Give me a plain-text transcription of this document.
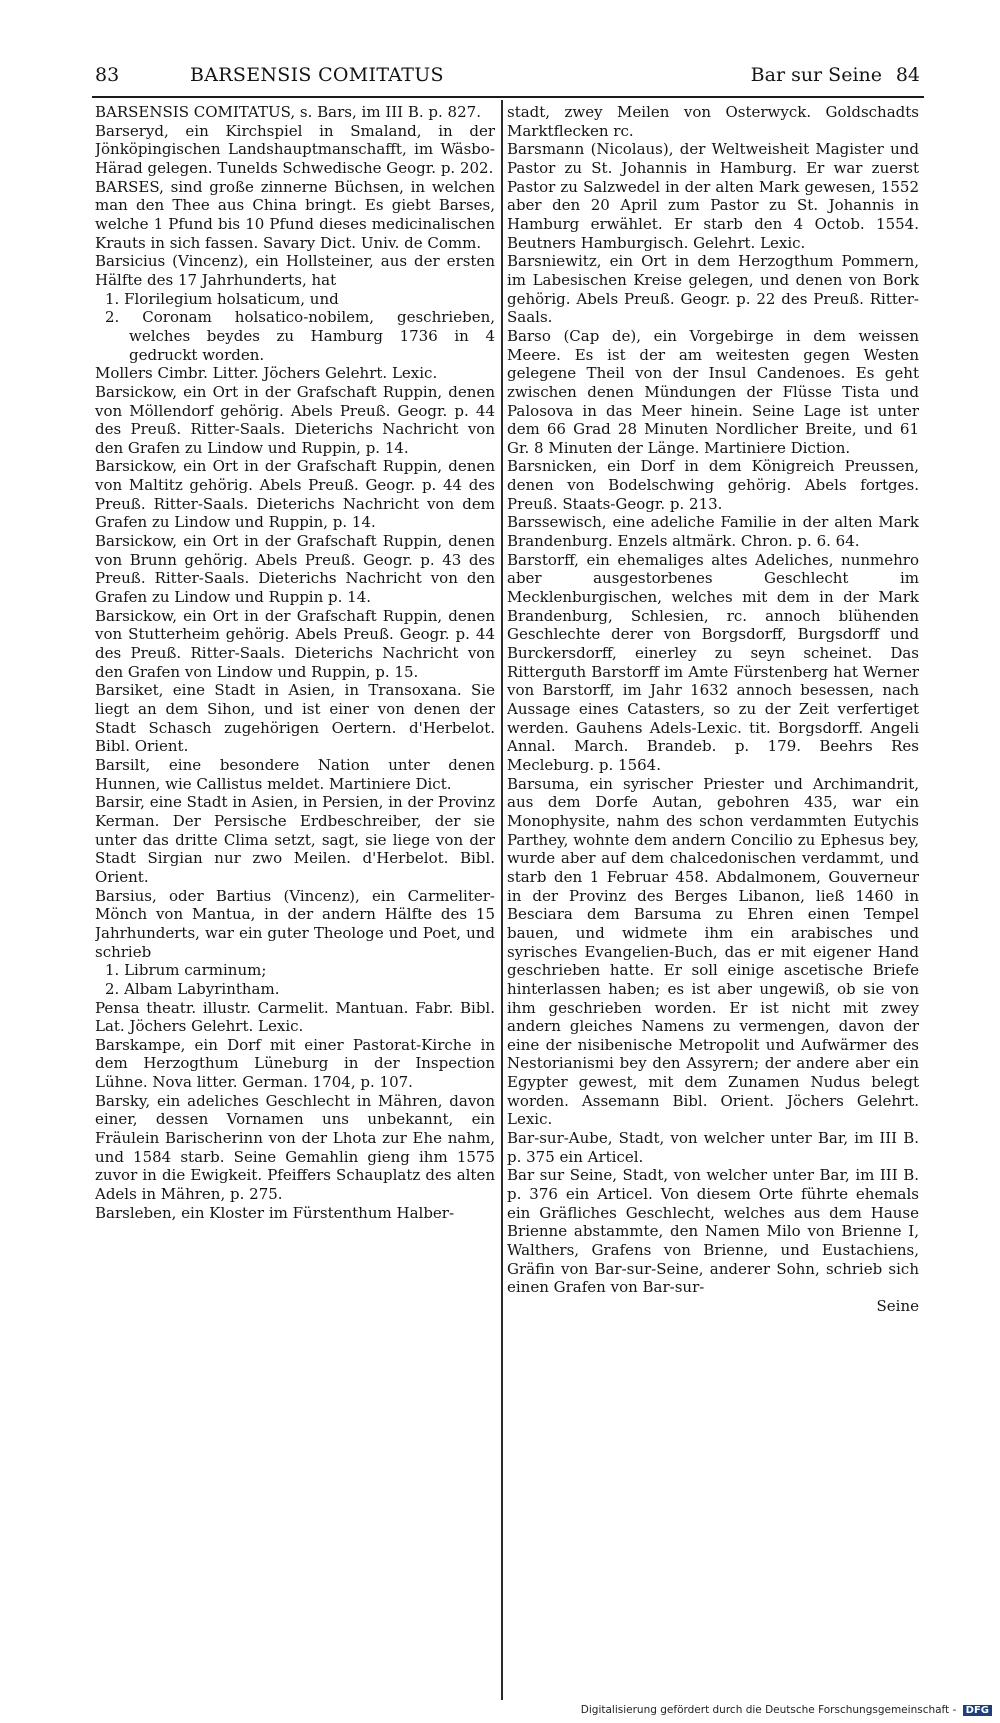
83	BARSENSIS COMITATUS	Bar sur Seine 84

BARSENSIS COMITATUS, s. Bars, im III B. p. 827.

Barseryd, ein Kirchspiel in Smaland, in der Jönköpingischen Landshauptmanschafft, im Wäsbo-Härad gelegen. Tunelds Schwedische Geogr. p. 202.

BARSES, sind große zinnerne Büchsen, in welchen man den Thee aus China bringt. Es giebt Barses, welche 1 Pfund bis 10 Pfund dieses medicinalischen Krauts in sich fassen. Savary Dict. Univ. de Comm.

Barsicius (Vincenz), ein Hollsteiner, aus der ersten Hälfte des 17 Jahrhunderts, hat

1. Florilegium holsaticum, und

2. Coronam holsatico-nobilem, geschrieben, welches beydes zu Hamburg 1736 in 4 gedruckt worden.

Mollers Cimbr. Litter. Jöchers Gelehrt. Lexic.

Barsickow, ein Ort in der Grafschaft Ruppin, denen von Möllendorf gehörig. Abels Preuß. Geogr. p. 44 des Preuß. Ritter-Saals. Dieterichs Nachricht von den Grafen zu Lindow und Ruppin, p. 14.

Barsickow, ein Ort in der Grafschaft Ruppin, denen von Maltitz gehörig. Abels Preuß. Geogr. p. 44 des Preuß. Ritter-Saals. Dieterichs Nachricht von dem Grafen zu Lindow und Ruppin, p. 14.

Barsickow, ein Ort in der Grafschaft Ruppin, denen von Brunn gehörig. Abels Preuß. Geogr. p. 43 des Preuß. Ritter-Saals. Dieterichs Nachricht von den Grafen zu Lindow und Ruppin p. 14.

Barsickow, ein Ort in der Grafschaft Ruppin, denen von Stutterheim gehörig. Abels Preuß. Geogr. p. 44 des Preuß. Ritter-Saals. Dieterichs Nachricht von den Grafen von Lindow und Ruppin, p. 15.

Barsiket, eine Stadt in Asien, in Transoxana. Sie liegt an dem Sihon, und ist einer von denen der Stadt Schasch zugehörigen Oertern. d'Herbelot. Bibl. Orient.

Barsilt, eine besondere Nation unter denen Hunnen, wie Callistus meldet. Martiniere Dict.

Barsir, eine Stadt in Asien, in Persien, in der Provinz Kerman. Der Persische Erdbeschreiber, der sie unter das dritte Clima setzt, sagt, sie liege von der Stadt Sirgian nur zwo Meilen. d'Herbelot. Bibl. Orient.

Barsius, oder Bartius (Vincenz), ein Carmeliter-Mönch von Mantua, in der andern Hälfte des 15 Jahrhunderts, war ein guter Theologe und Poet, und schrieb

1. Librum carminum;

2. Albam Labyrintham.

Pensa theatr. illustr. Carmelit. Mantuan. Fabr. Bibl. Lat. Jöchers Gelehrt. Lexic.

Barskampe, ein Dorf mit einer Pastorat-Kirche in dem Herzogthum Lüneburg in der Inspection Lühne. Nova litter. German. 1704, p. 107.

Barsky, ein adeliches Geschlecht in Mähren, davon einer, dessen Vornamen uns unbekannt, ein Fräulein Barischerinn von der Lhota zur Ehe nahm, und 1584 starb. Seine Gemahlin gieng ihm 1575 zuvor in die Ewigkeit. Pfeiffers Schauplatz des alten Adels in Mähren, p. 275.

Barsleben, ein Kloster im Fürstenthum Halber-

stadt, zwey Meilen von Osterwyck. Goldschadts Marktflecken rc.

Barsmann (Nicolaus), der Weltweisheit Magister und Pastor zu St. Johannis in Hamburg. Er war zuerst Pastor zu Salzwedel in der alten Mark gewesen, 1552 aber den 20 April zum Pastor zu St. Johannis in Hamburg erwählet. Er starb den 4 Octob. 1554. Beutners Hamburgisch. Gelehrt. Lexic.

Barsniewitz, ein Ort in dem Herzogthum Pommern, im Labesischen Kreise gelegen, und denen von Bork gehörig. Abels Preuß. Geogr. p. 22 des Preuß. Ritter-Saals.

Barso (Cap de), ein Vorgebirge in dem weissen Meere. Es ist der am weitesten gegen Westen gelegene Theil von der Insul Candenoes. Es geht zwischen denen Mündungen der Flüsse Tista und Palosova in das Meer hinein. Seine Lage ist unter dem 66 Grad 28 Minuten Nordlicher Breite, und 61 Gr. 8 Minuten der Länge. Martiniere Diction.

Barsnicken, ein Dorf in dem Königreich Preussen, denen von Bodelschwing gehörig. Abels fortges. Preuß. Staats-Geogr. p. 213.

Barssewisch, eine adeliche Familie in der alten Mark Brandenburg. Enzels altmärk. Chron. p. 6. 64.

Barstorff, ein ehemaliges altes Adeliches, nunmehro aber ausgestorbenes Geschlecht im Mecklenburgischen, welches mit dem in der Mark Brandenburg, Schlesien, rc. annoch blühenden Geschlechte derer von Borgsdorff, Burgsdorff und Burckersdorff, einerley zu seyn scheinet. Das Ritterguth Barstorff im Amte Fürstenberg hat Werner von Barstorff, im Jahr 1632 annoch besessen, nach Aussage eines Catasters, so zu der Zeit verfertiget werden. Gauhens Adels-Lexic. tit. Borgsdorff. Angeli Annal. March. Brandeb. p. 179. Beehrs Res Mecleburg. p. 1564.

Barsuma, ein syrischer Priester und Archimandrit, aus dem Dorfe Autan, gebohren 435, war ein Monophysite, nahm des schon verdammten Eutychis Parthey, wohnte dem andern Concilio zu Ephesus bey, wurde aber auf dem chalcedonischen verdammt, und starb den 1 Februar 458. Abdalmonem, Gouverneur in der Provinz des Berges Libanon, ließ 1460 in Besciara dem Barsuma zu Ehren einen Tempel bauen, und widmete ihm ein arabisches und syrisches Evangelien-Buch, das er mit eigener Hand geschrieben hatte. Er soll einige ascetische Briefe hinterlassen haben; es ist aber ungewiß, ob sie von ihm geschrieben worden. Er ist nicht mit zwey andern gleiches Namens zu vermengen, davon der eine der nisibenische Metropolit und Aufwärmer des Nestorianismi bey den Assyrern; der andere aber ein Egypter gewest, mit dem Zunamen Nudus belegt worden. Assemann Bibl. Orient. Jöchers Gelehrt. Lexic.

Bar-sur-Aube, Stadt, von welcher unter Bar, im III B. p. 375 ein Articel.

Bar sur Seine, Stadt, von welcher unter Bar, im III B. p. 376 ein Articel. Von diesem Orte führte ehemals ein Gräfliches Geschlecht, welches aus dem Hause Brienne abstammte, den Namen Milo von Brienne I, Walthers, Grafens von Brienne, und Eustachiens, Gräfin von Bar-sur-Seine, anderer Sohn, schrieb sich einen Grafen von Bar-sur-

Seine

Digitalisierung gefördert durch die Deutsche Forschungsgemeinschaft - DFG
